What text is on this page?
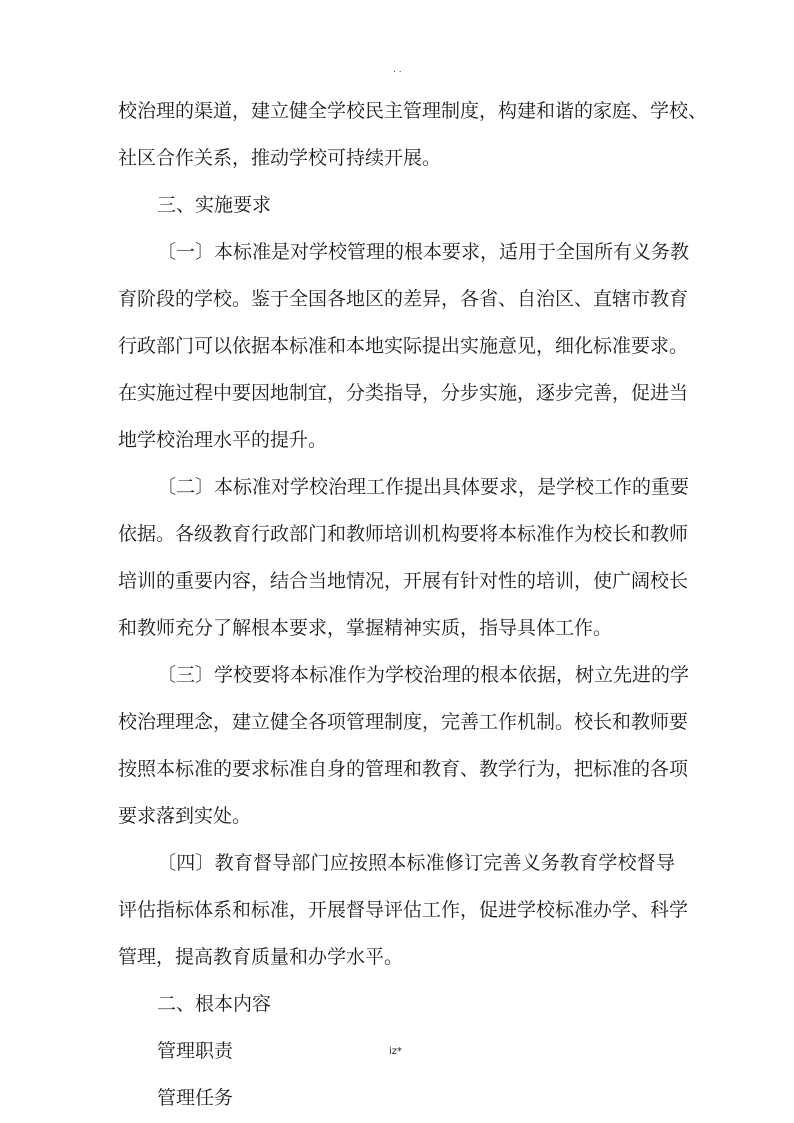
. .
校治理的渠道，建立健全学校民主管理制度，构建和谐的家庭、学校、
社区合作关系，推动学校可持续开展。
三、实施要求
〔一〕本标准是对学校管理的根本要求，适用于全国所有义务教
育阶段的学校。鉴于全国各地区的差异，各省、自治区、直辖市教育
行政部门可以依据本标准和本地实际提出实施意见，细化标准要求。
在实施过程中要因地制宜，分类指导，分步实施，逐步完善，促进当
地学校治理水平的提升。
〔二〕本标准对学校治理工作提出具体要求，是学校工作的重要
依据。各级教育行政部门和教师培训机构要将本标准作为校长和教师
培训的重要内容，结合当地情况，开展有针对性的培训，使广阔校长
和教师充分了解根本要求，掌握精神实质，指导具体工作。
〔三〕学校要将本标准作为学校治理的根本依据，树立先进的学
校治理理念，建立健全各项管理制度，完善工作机制。校长和教师要
按照本标准的要求标准自身的管理和教育、教学行为，把标准的各项
要求落到实处。
〔四〕教育督导部门应按照本标准修订完善义务教育学校督导
评估指标体系和标准，开展督导评估工作，促进学校标准办学、科学
管理，提高教育质量和办学水平。
二、根本内容
管理职责
管理任务
iz*
